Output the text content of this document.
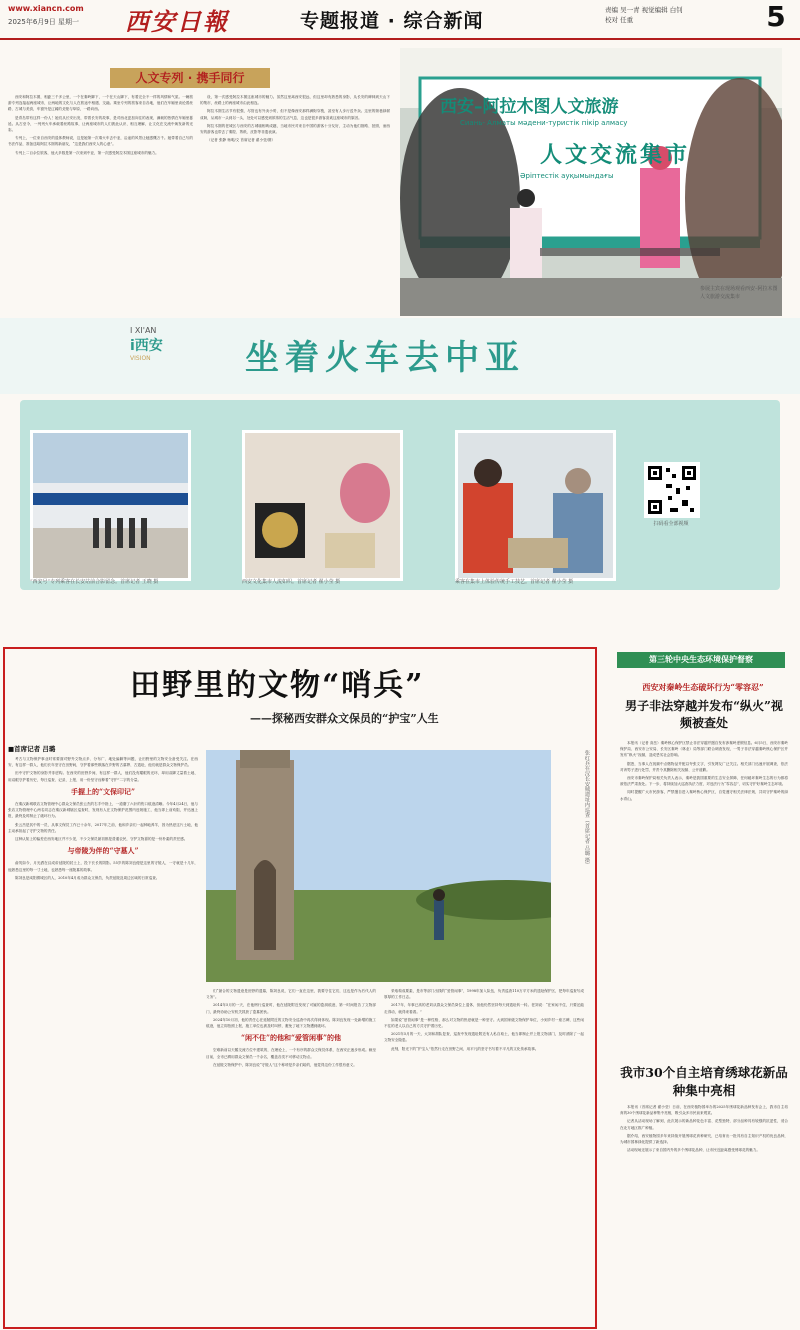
www.xiancn.com
2025年6月9日 星期一 西安日報	专题报道 · 综合新闻	责编 吴一青 视觉编辑 白钊
校对 任重	5
人文专列 · 携手同行

西安和阿拉木图，相距三千多公里，一个在秦岭脚下，一个在天山脚下，有着完全不一样的风情和气质。一辆旅游专列连接起两座城市，让两地的文化与人在旅途中相遇、交融。乘坐专列的旅客来自各地，他们在车厢里谈论着丝路、古城与美食，车窗外是辽阔的戈壁与草原，一路向西。

是青岛带有这样一份人！她们从长安出发，带着长安的故事，是对西北更加向往的表现，满载的热情在车厢里蔓延。从古至今，一列列火车承载着丝路故事，让两座城市的人们彼此认识、相互理解，让文化在交流中焕发新的光彩。

专列上，一位来自西安的退休教师说，这是她第一次乘火车去中亚，沿途的风景让她感慨万千。她带着自己写的书法作品，准备送给阿拉木图的新朋友，“这是我们西安人的心意”。

专列上二百余位旅客，他大多数是第一次来到中亚，第一次感受阿拉木图这座城市的魅力。

设，第一次感受阿拉木图这座城市的魅力。虽然这里离西安很远，但这里却有熟悉的身影，从长安的碑林到天山下的集市，丝路上的两座城市由此相连。

阿拉木图生活节有很强，尽管也有外卖小哥，但不是像西安那样满街穿梭，甚至有人步行送外卖。这里的街巷绿树成荫，从城市一头到另一头，处处可以感受到浓浓的生活气息，这也是很多游客喜欢这座城市的原因。

阿拉木图的老城区与西安的古城墙相映成趣，当地市民对来自中国的游客十分友好，主动为他们指路、拍照，而西安的游客也带去了秦腔、剪纸、皮影等非遗表演。

（记者 张静 杨明/文 首席记者 翟小莹/图）

西安–阿拉木图人文旅游
Сиань- Алматы мәдени-туристік пікір алмасу
人文交流集市
Әріптестік ауқымындағы
参展主宾在现场观看西安–阿拉木图人文旅游交流集市
I XI'AN
i西安
VISION	坐着火车去中亚
扫码看全部视频
“西安号”专列乘客在长安站前合影留念。首席记者 王晓 摄	西安文化集市人流如织。首席记者 翟小莹 摄	乘客在集市上体验传统手工技艺。首席记者 翟小莹 摄
田野里的文物“哨兵”
——探秘西安群众文保员的“护宝”人生
■首席记者 吕璐

考古与文物保护事业时常要面对野外文物点多、分布广、地处偏僻等问题，让田野里的文物安全备受关注。在西安，有这样一群人，他们长年坚守在田野间，守护着那些散落在乡野的古墓葬、古遗址，他们就是群众文物保护员。

田中守护文物的身影并非虚构。在西安的田野乡间，有这样一群人，他们没有耀眼的光环，却用双脚丈量着土地、用双眼守护着历史，每日巡查、记录、上报，用一份坚守诠释着“守护”二字的分量。

手握上的“文保印记”

在秦汉新城联店文物管理中心群众文保员张云杰的右手中指上，一道磨了六针的伤口痕迹清晰。今年4月24日，他与张店文物管理中心两名同志在秦汉新城辖区巡查时，发现有人在文物保护范围内违规施工，他当即上前劝阻，并迅速上报，最终及时制止了破坏行为。

张云杰是其中的一员，从事文保员工作已十余年，2017年之前，他和乡亲们一起种地养羊，因为热爱这片土地，他主动承担起了守护文物的责任。

这种认知上的偏差在西安地区并不少见，不少文保员最初都是普通农民，守护文物靠的是一份朴素的责任感。

与帝陵为伴的“守墓人”

俞茂如今，月光洒在汉成帝延陵的封土上，投下长长的阴影。55岁的陈刘良便是这里的守陵人，一守就是十几年，他熟悉这里的每一寸土地，也熟悉每一座陵墓的故事。

陈刘良是咸阳渭城区的人，2010年4月成为群众文保员，负责延陵及周边区域的日常巡查。

张红兵在汉长安城遗址内巡查（首席记者 吕璐 摄）

们“最合的文物遗迹是田野的遗墓，陈刘良说，它们一直在这里，我要守住它们，这也是作为后代人的义务”。

2014年5月的一天，在他例行巡查时，他在延陵附近发现了可疑的盗洞痕迹，第一时间报告了文物部门，最终协助公安机关抓获了盗墓团伙。

2024年10月初，他的责任心在延陵附近的文物安全巡查中再次得到体现。陈刘良发现一处新增的施工痕迹，他立即拍照上报，施工单位也被及时叫停，避免了地下文物遭到破坏。

“闲不住”的他和“爱管闲事”的他

空难新前以天鹅交流方位中建筑的，在理论上，一个有序的群众文保员体系，在西安正逐步形成。截至目前，全市已聘用群众文保员一千余名，覆盖各类不可移动文物点。

在延陵文物保护中，陈刘良说“守陵人”这个称呼是乡亲们给的，他觉得这份工作很有意义。

采取构成要素，是市等部门出钱的“爱管闲事”，1998年加入队伍，负责巡查110万平方米的遗址保护区，把每年巡查写成厚厚的工作日志。

2017年，年事已高的老刘从群众文保员岗位上退休，但他仍然坚持每天到遗址转一转。老刘说：“在家闲不住，只要还能走得动，就得来看看。”

如果说“爱管闲事”是一种性格，那么对文物的热爱就是一种坚守。大到国家级文物保护单位，小到乡村一座古碑，这些闲不住的老人以自己的方式守护着历史。

2021年5月的一天，大刘和胡队复查，巡查中发现遗址附近有人私自取土，他当即制止并上报文物部门，及时消除了一起文物安全隐患。

此刻，阳光下的“护宝人”依然行走在田野之间，用平凡的坚守书写着不平凡的文化传承故事。

第三轮中央生态环境保护督察
西安对秦岭生态破坏行为“零容忍”
男子非法穿越并发布“纵火”视频被查处

本报讯（记者 高岳）秦岭核心保护区禁止非法穿越并擅自发布涉秦岭虚假信息。6月5日，西安市秦岭保护局、西安市公安局、长安区秦岭（林业）局等部门联合调查发现，一男子非法穿越秦岭核心保护区并发布“纵火”视频，造成恶劣社会影响。

据悉，当事人在视频中点燃物品并配以夸张文字，引发网友广泛关注。相关部门迅速开展调查，依法对该男子进行处罚，并责令其删除相关视频、公开道歉。

西安市秦岭保护局相关负责人表示，秦岭是我国重要的生态安全屏障，任何破坏秦岭生态的行为都将被依法严肃查处。下一步，将持续加大巡查执法力度，对违法行为“零容忍”，切实守护好秦岭生态环境。

同时提醒广大市民游客，严禁擅自进入秦岭核心保护区，自觉遵守相关法律法规，共同守护秦岭的绿水青山。

我市30个自主培育绣球花新品种集中亮相

本报讯（首席记者 翟小莹）日前，在西安植物园举办的2025年绣球花新品种发布会上，我市自主培育的30个绣球花新品种集中亮相，吸引众多市民前来观赏。

记者从活动现场了解到，此次展示的新品种花色丰富、花型独特，部分品种具有较强的抗逆性，适合在北方地区推广种植。

据介绍，西安植物园多年来持续开展绣球花育种研究，已培育出一批具有自主知识产权的优良品种，为城市园林绿化提供了新选择。

活动现场还展示了来自国内外的多个绣球花品种，让市民近距离感受绣球花的魅力。
